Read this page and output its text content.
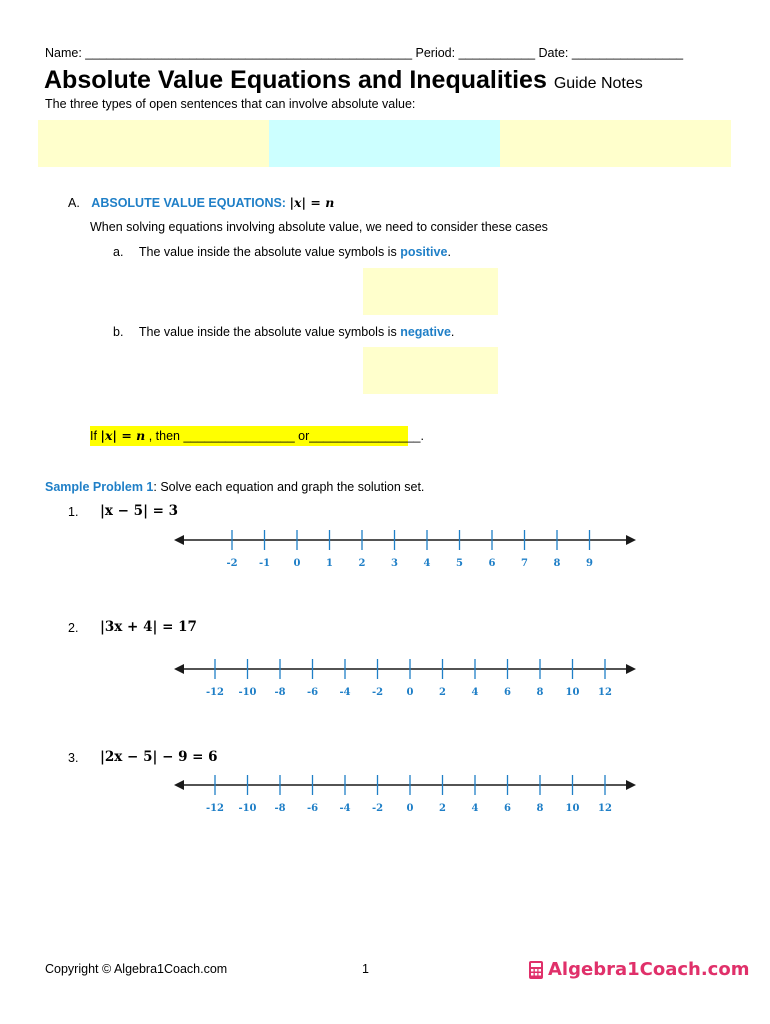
Name: _______________________________________________ Period: ___________ Date: ________________
Absolute Value Equations and Inequalities Guide Notes
The three types of open sentences that can involve absolute value:
A. ABSOLUTE VALUE EQUATIONS: |x| = n
When solving equations involving absolute value, we need to consider these cases
a. The value inside the absolute value symbols is positive.
b. The value inside the absolute value symbols is negative.
If |x| = n , then ________________ or________________.
Sample Problem 1: Solve each equation and graph the solution set.
1. |x − 5| = 3
-2 -1 0	1	2	3	4	5	6	7	8	9
2. |3x + 4| = 17
-12 -10 -8 -6 -4 -2 0	2	4	6	8 10 12
3. |2x − 5| − 9 = 6
-12 -10 -8 -6 -4 -2 0	2	4	6	8 10 12
Copyright © Algebra1Coach.com	1	Algebra1Coach.com
